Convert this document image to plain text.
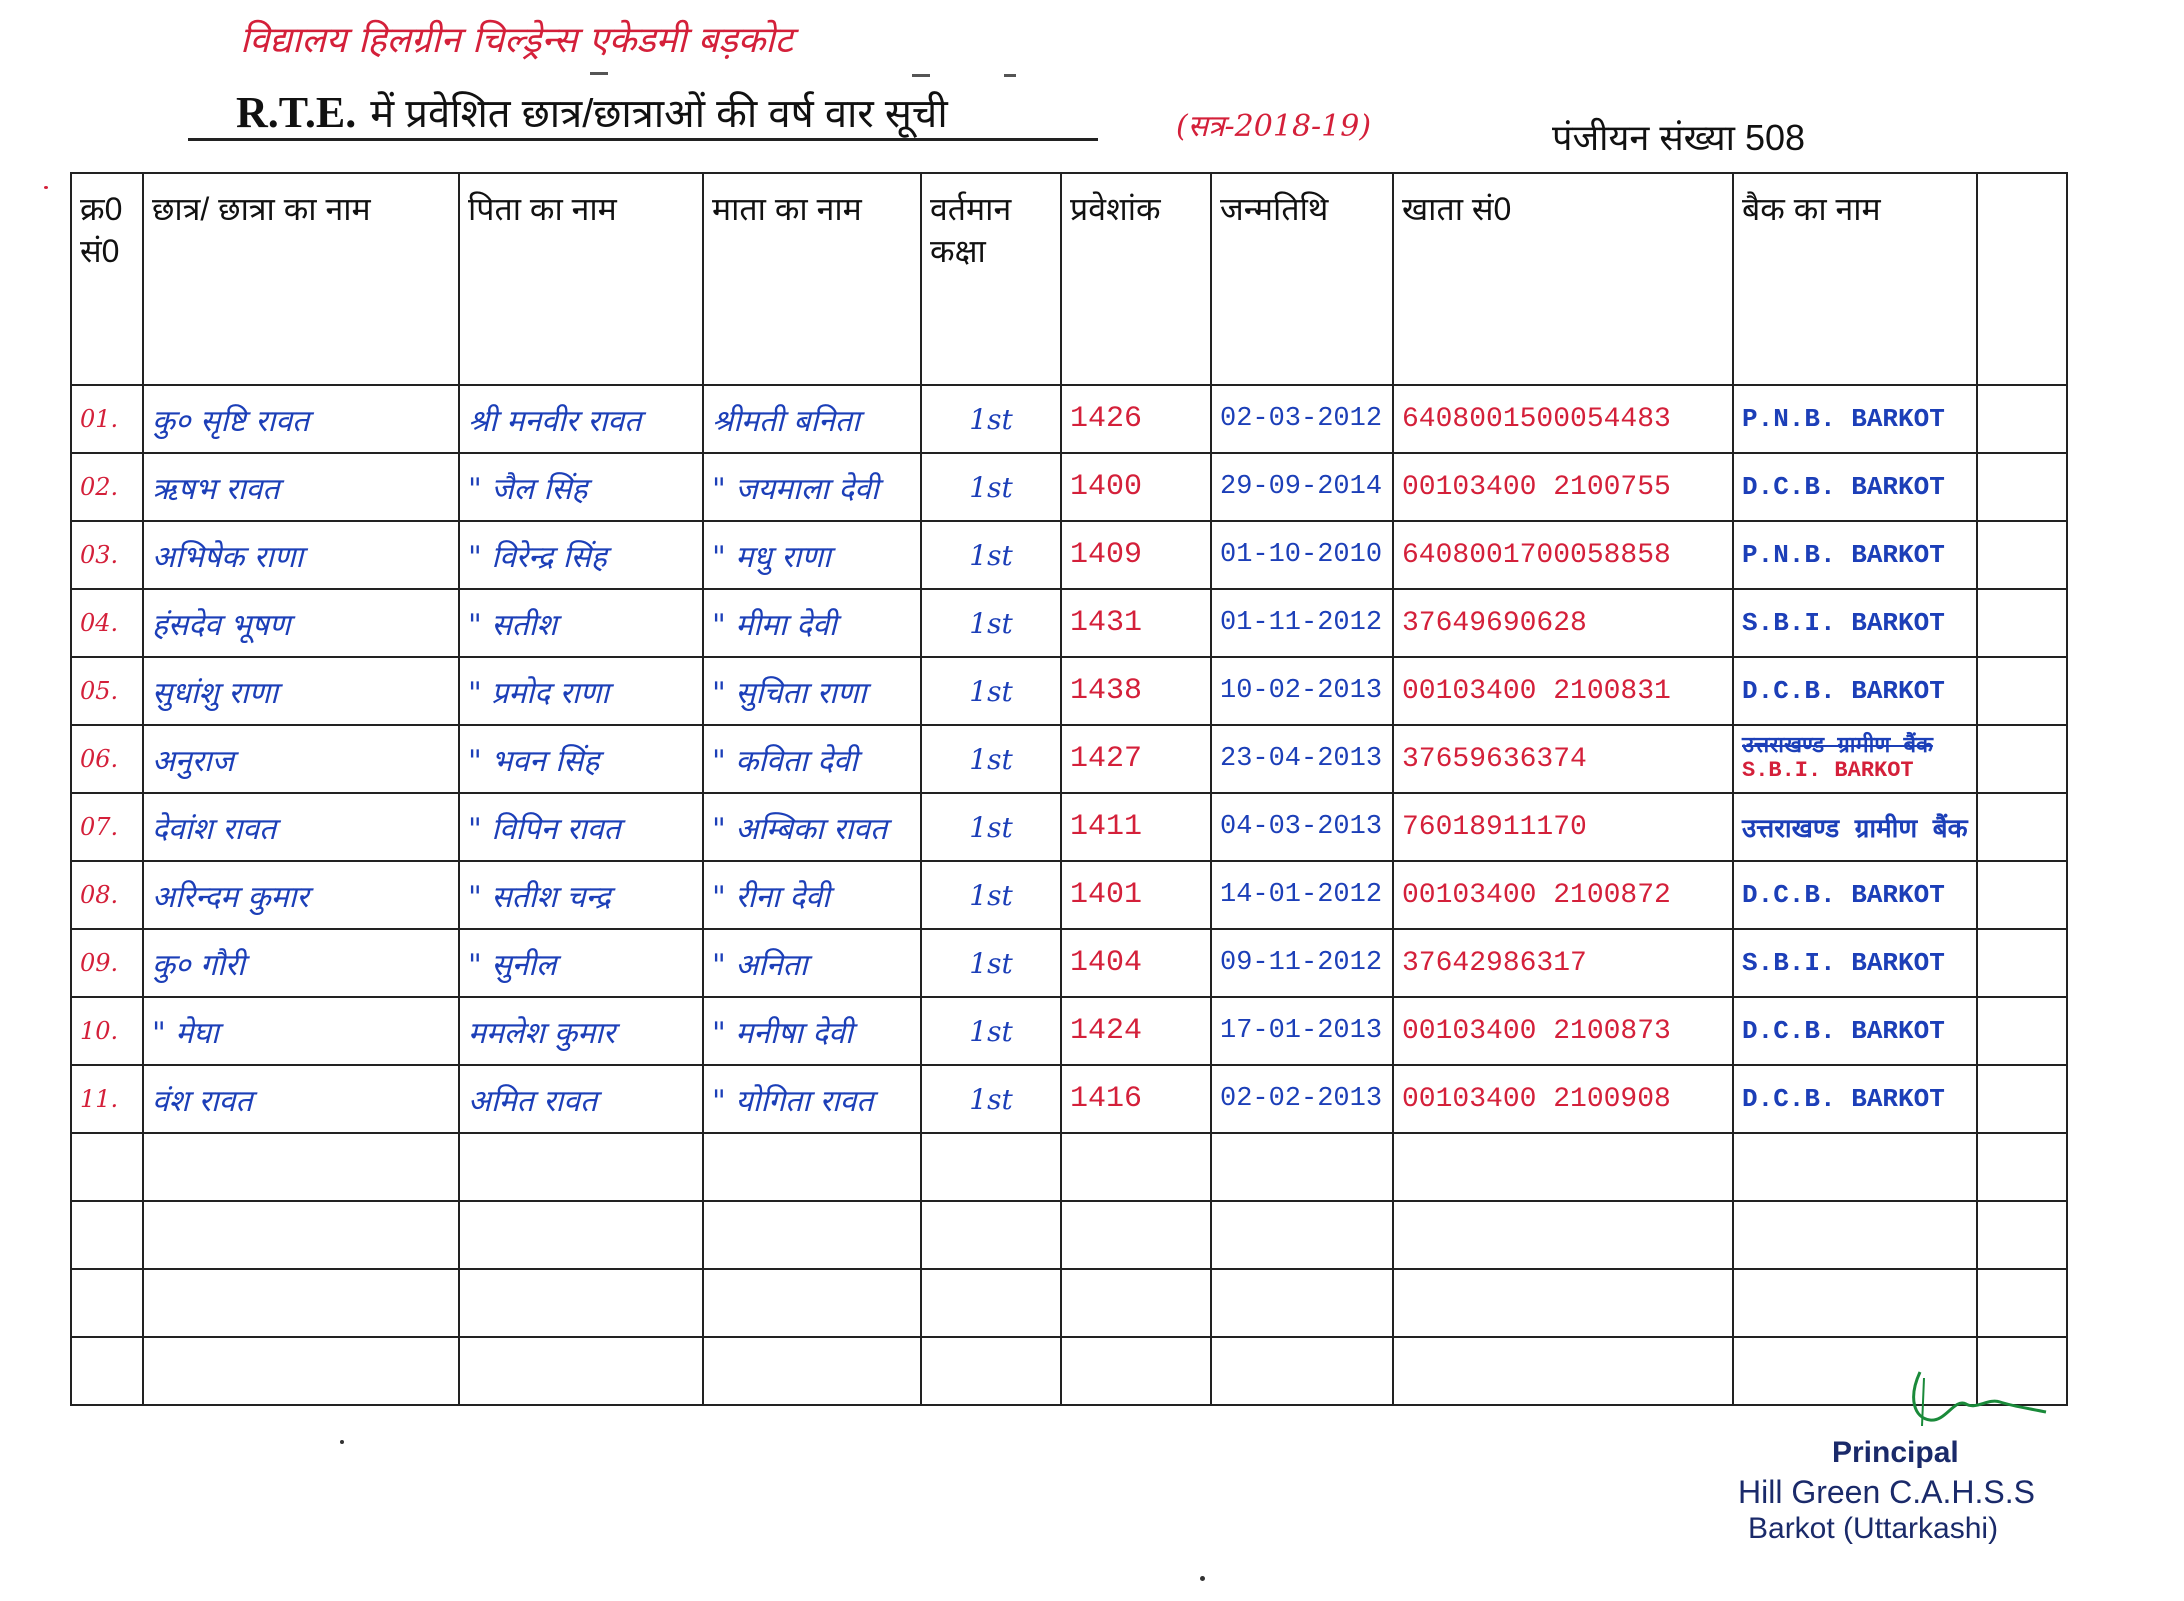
विद्यालय हिलग्रीन चिल्ड्रेन्स एकेडमी बड़कोट
R.T.E. में प्रवेशित छात्र/छात्राओं की वर्ष वार सूची	(सत्र-2018-19)	पंजीयन संख्या 508
क्र0 सं0	छात्र/ छात्रा का नाम	पिता का नाम	माता का नाम	वर्तमान कक्षा	प्रवेशांक	जन्मतिथि	खाता सं0	बैक का नाम	
01.	कु० सृष्टि रावत	श्री मनवीर रावत	श्रीमती बनिता	1st	1426	02-03-2012	6408001500054483	P.N.B. BARKOT	
02.	ऋषभ रावत	" जैल सिंह	" जयमाला देवी	1st	1400	29-09-2014	00103400 2100755	D.C.B. BARKOT	
03.	अभिषेक राणा	" विरेन्द्र सिंह	" मधु राणा	1st	1409	01-10-2010	6408001700058858	P.N.B. BARKOT	
04.	हंसदेव भूषण	" सतीश	" मीमा देवी	1st	1431	01-11-2012	37649690628	S.B.I. BARKOT	
05.	सुधांशु राणा	" प्रमोद राणा	" सुचिता राणा	1st	1438	10-02-2013	00103400 2100831	D.C.B. BARKOT	
06.	अनुराज	" भवन सिंह	" कविता देवी	1st	1427	23-04-2013	37659636374	उत्तराखण्ड ग्रामीण बैंक
S.B.I. BARKOT	

07.	देवांश रावत	" विपिन रावत	" अम्बिका रावत	1st	1411	04-03-2013	76018911170	उत्तराखण्ड ग्रामीण बैंक	
08.	अरिन्दम कुमार	" सतीश चन्द्र	" रीना देवी	1st	1401	14-01-2012	00103400 2100872	D.C.B. BARKOT	
09.	कु० गौरी	" सुनील	" अनिता	1st	1404	09-11-2012	37642986317	S.B.I. BARKOT	
10.	" मेघा	ममलेश कुमार	" मनीषा देवी	1st	1424	17-01-2013	00103400 2100873	D.C.B. BARKOT	
11.	वंश रावत	अमित रावत	" योगिता रावत	1st	1416	02-02-2013	00103400 2100908	D.C.B. BARKOT	

Principal
Hill Green C.A.H.S.S
Barkot (Uttarkashi)
